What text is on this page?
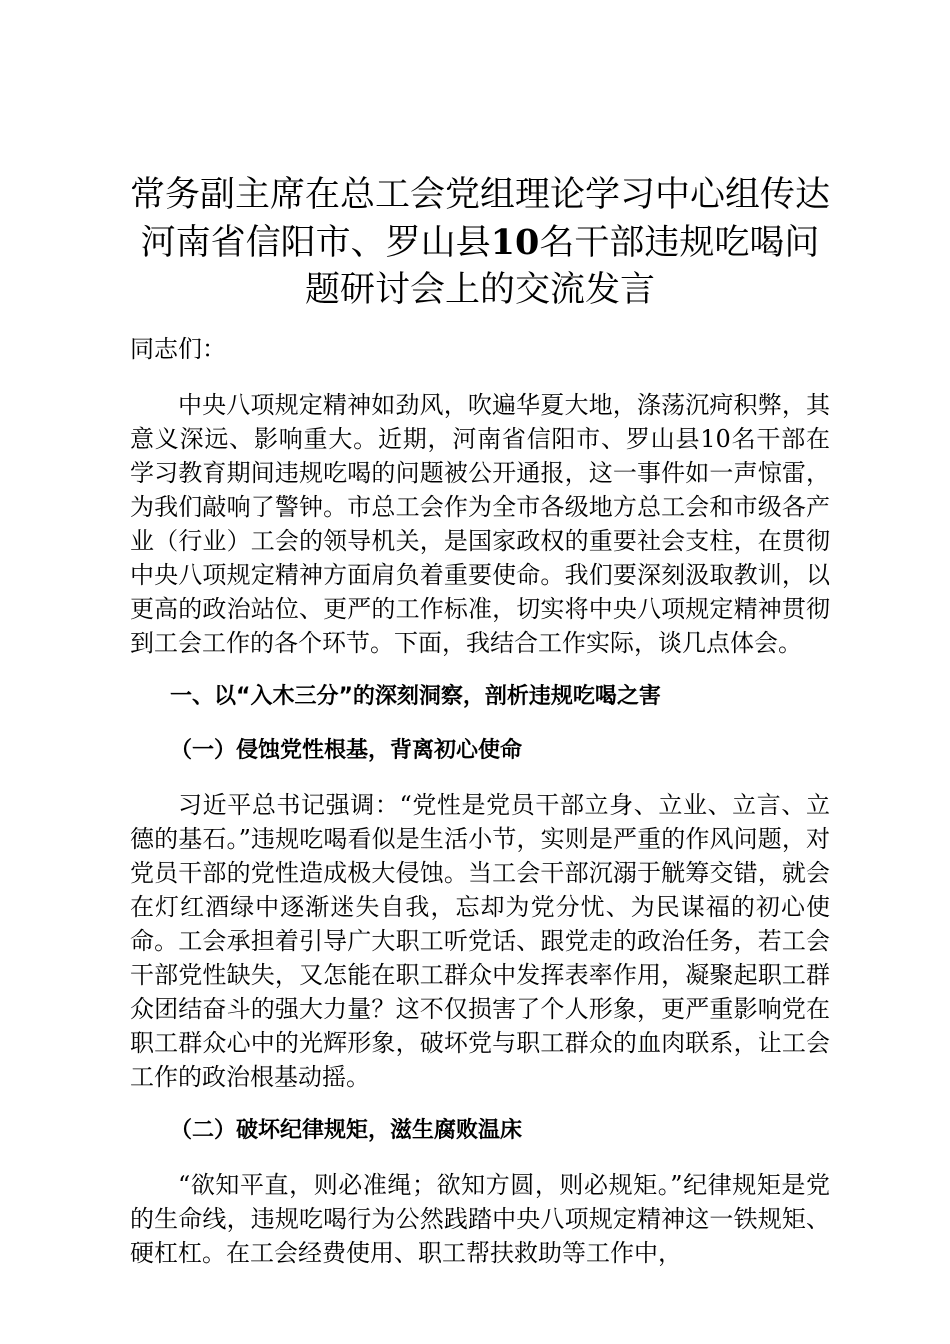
常务副主席在总工会党组理论学习中心组传达河南省信阳市、罗山县10名干部违规吃喝问题研讨会上的交流发言
同志们：

中央八项规定精神如劲风，吹遍华夏大地，涤荡沉疴积弊，其意义深远、影响重大。近期，河南省信阳市、罗山县10名干部在学习教育期间违规吃喝的问题被公开通报，这一事件如一声惊雷，为我们敲响了警钟。市总工会作为全市各级地方总工会和市级各产业（行业）工会的领导机关，是国家政权的重要社会支柱，在贯彻中央八项规定精神方面肩负着重要使命。我们要深刻汲取教训，以更高的政治站位、更严的工作标准，切实将中央八项规定精神贯彻到工会工作的各个环节。下面，我结合工作实际，谈几点体会。

一、以“入木三分”的深刻洞察，剖析违规吃喝之害
（一）侵蚀党性根基，背离初心使命

习近平总书记强调：“党性是党员干部立身、立业、立言、立德的基石。”违规吃喝看似是生活小节，实则是严重的作风问题，对党员干部的党性造成极大侵蚀。当工会干部沉溺于觥筹交错，就会在灯红酒绿中逐渐迷失自我，忘却为党分忧、为民谋福的初心使命。工会承担着引导广大职工听党话、跟党走的政治任务，若工会干部党性缺失，又怎能在职工群众中发挥表率作用，凝聚起职工群众团结奋斗的强大力量？这不仅损害了个人形象，更严重影响党在职工群众心中的光辉形象，破坏党与职工群众的血肉联系，让工会工作的政治根基动摇。

（二）破坏纪律规矩，滋生腐败温床

“欲知平直，则必准绳；欲知方圆，则必规矩。”纪律规矩是党的生命线，违规吃喝行为公然践踏中央八项规定精神这一铁规矩、硬杠杠。在工会经费使用、职工帮扶救助等工作中，
